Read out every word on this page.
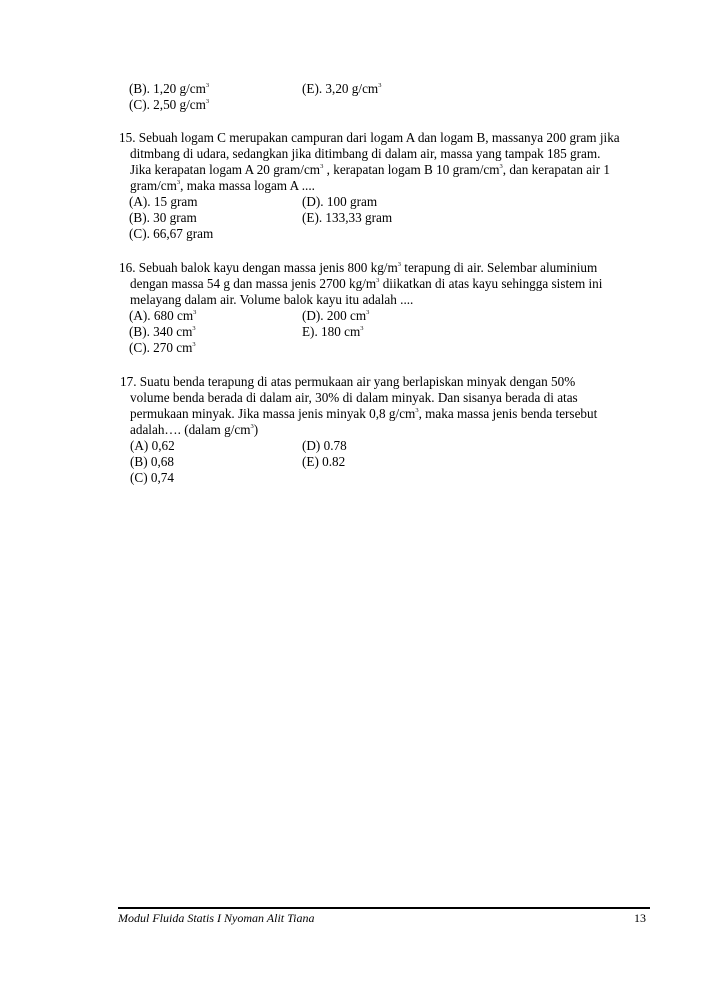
(B). 1,20 $g/cm^3$	(E). 3,20 $g/cm^3$
(C). 2,50 $g/cm^3$
15. Sebuah logam C merupakan campuran dari logam A dan logam B, massanya 200 gram jika
ditmbang di udara, sedangkan jika ditimbang di dalam air, massa yang tampak 185 gram.
Jika kerapatan logam A 20 gram/$cm^3$ , kerapatan logam B 10 gram/$cm^3$, dan kerapatan air 1
gram/$cm^3$, maka massa logam A ....
(A). 15 gram	(D). 100 gram
(B). 30 gram	(E). 133,33 gram
(C). 66,67 gram
16. Sebuah balok kayu dengan massa jenis 800 $kg/m^3$ terapung di air. Selembar aluminium
dengan massa 54 g dan massa jenis 2700 $kg/m^3$ diikatkan di atas kayu sehingga sistem ini
melayang dalam air. Volume balok kayu itu adalah ....
(A). 680 $cm^3$	(D). 200 $cm^3$
(B). 340 $cm^3$	E). 180 $cm^3$
(C). 270 $cm^3$
17. Suatu benda terapung di atas permukaan air yang berlapiskan minyak dengan 50%
volume benda berada di dalam air, 30% di dalam minyak. Dan sisanya berada di atas
permukaan minyak. Jika massa jenis minyak 0,8 $g/cm^3$, maka massa jenis benda tersebut
adalah…. (dalam $g/cm^3$)
(A) 0,62	(D) 0.78
(B) 0,68	(E) 0.82
(C) 0,74
Modul Fluida Statis I Nyoman Alit Tiana	13
